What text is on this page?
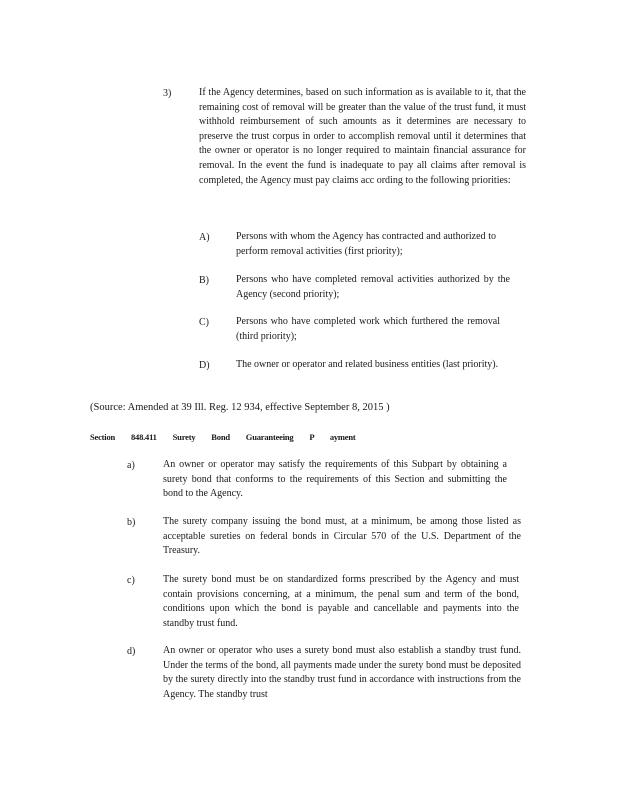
3)	If the Agency determines, based on such information as is available to it, that the remaining cost of removal will be greater than the value of the trust fund, it must withhold reimbursement of such amounts as it determines are necessary to preserve the trust corpus in order to accomplish removal until it determines that the owner or operator is no longer required to maintain financial assurance for removal. In the event the fund is inadequate to pay all claims after removal is completed, the Agency must pay claims acc ording to the following priorities:
A)	Persons with whom the Agency has contracted and authorized to perform removal activities (first priority);
B)	Persons who have completed removal activities authorized by the Agency (second priority);
C)	Persons who have completed work which furthered the removal (third priority);
D)	The owner or operator and related business entities (last priority).
(Source: Amended at 39 Ill. Reg. 12 934, effective September 8, 2015 )
Section 848.411 Surety Bond Guaranteeing P ayment
a)	An owner or operator may satisfy the requirements of this Subpart by obtaining a surety bond that conforms to the requirements of this Section and submitting the bond to the Agency.
b)	The surety company issuing the bond must, at a minimum, be among those listed as acceptable sureties on federal bonds in Circular 570 of the U.S. Department of the Treasury.
c)	The surety bond must be on standardized forms prescribed by the Agency and must contain provisions concerning, at a minimum, the penal sum and term of the bond, conditions upon which the bond is payable and cancellable and payments into the standby trust fund.
d)	An owner or operator who uses a surety bond must also establish a standby trust fund. Under the terms of the bond, all payments made under the surety bond must be deposited by the surety directly into the standby trust fund in accordance with instructions from the Agency. The standby trust
